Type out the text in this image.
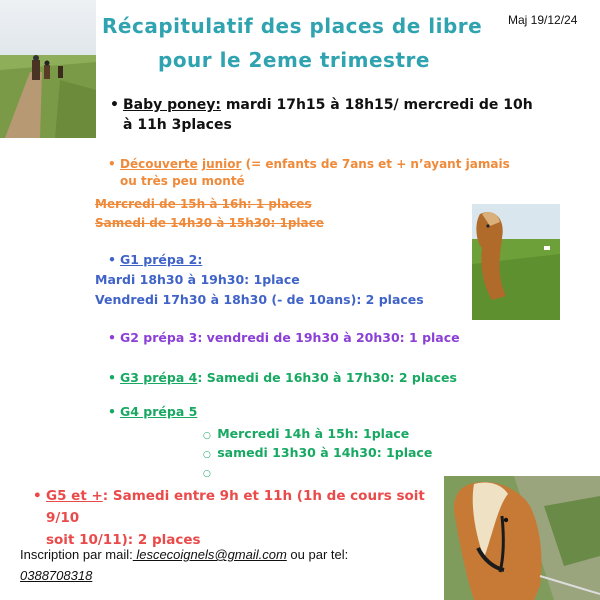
Récapitulatif des places de libre
pour le 2eme trimestre
Maj 19/12/24
• Baby poney: mardi 17h15 à 18h15/ mercredi de 10h
à 11h 3places
• Découverte junior (= enfants de 7ans et + n’ayant jamais
ou très peu monté
Mercredi de 15h à 16h: 1 places
Samedi de 14h30 à 15h30: 1place
• G1 prépa 2:
Mardi 18h30 à 19h30: 1place
Vendredi 17h30 à 18h30 (- de 10ans): 2 places
• G2 prépa 3: vendredi de 19h30 à 20h30: 1 place
• G3 prépa 4: Samedi de 16h30 à 17h30: 2 places
• G4 prépa 5
○ Mercredi 14h à 15h: 1place
○ samedi 13h30 à 14h30: 1place
○
• G5 et +: Samedi entre 9h et 11h (1h de cours soit 9/10
soit 10/11): 2 places
Inscription par mail: lescecoignels@gmail.com ou par tel:
0388708318
